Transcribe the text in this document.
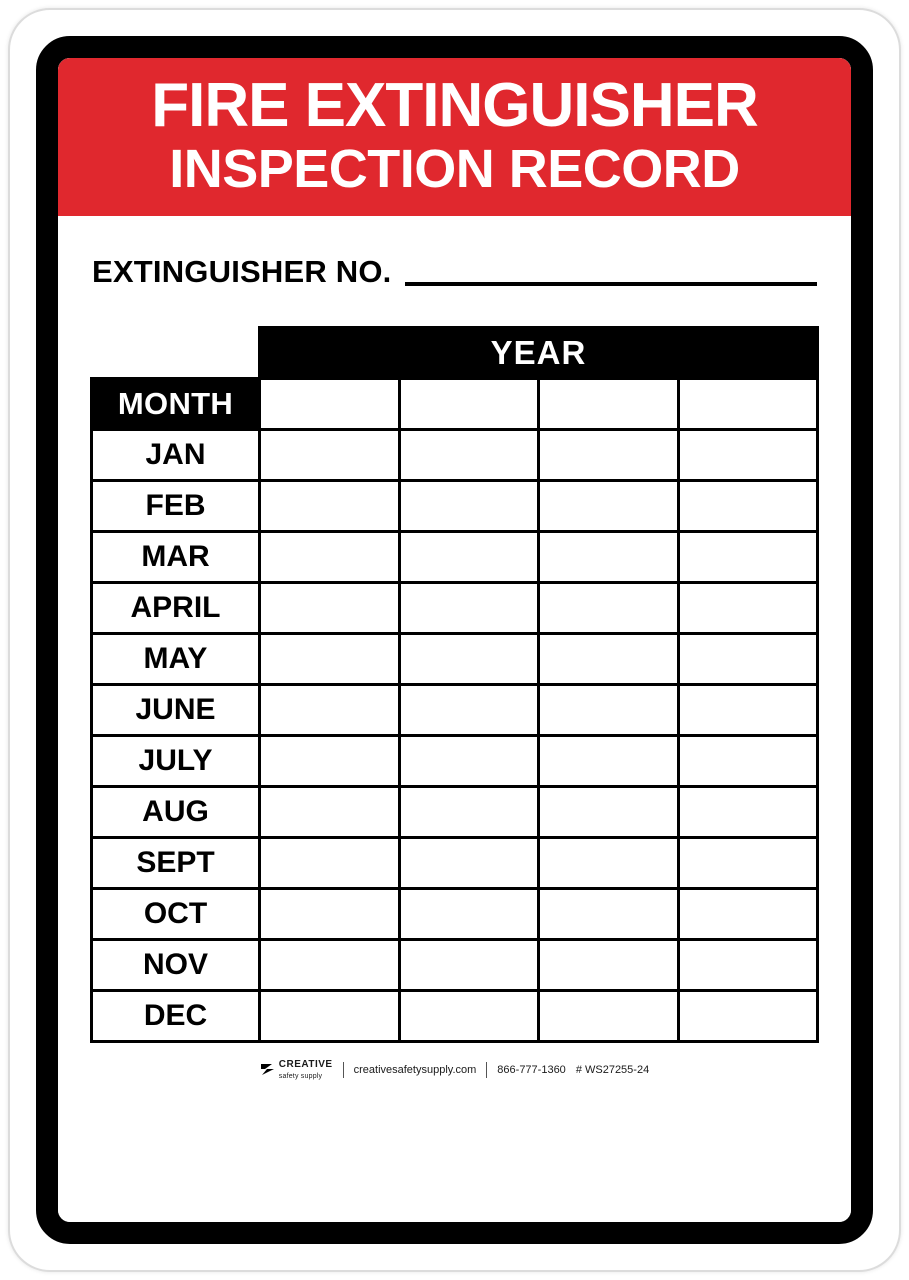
FIRE EXTINGUISHER
INSPECTION RECORD
EXTINGUISHER NO.
	YEAR			
MONTH				
JAN				
FEB				
MAR				
APRIL				
MAY				
JUNE				
JULY				
AUG				
SEPT				
OCT				
NOV				
DEC				
CREATIVE
safety supply
creativesafetysupply.com 866-777-1360 # WS27255-24
